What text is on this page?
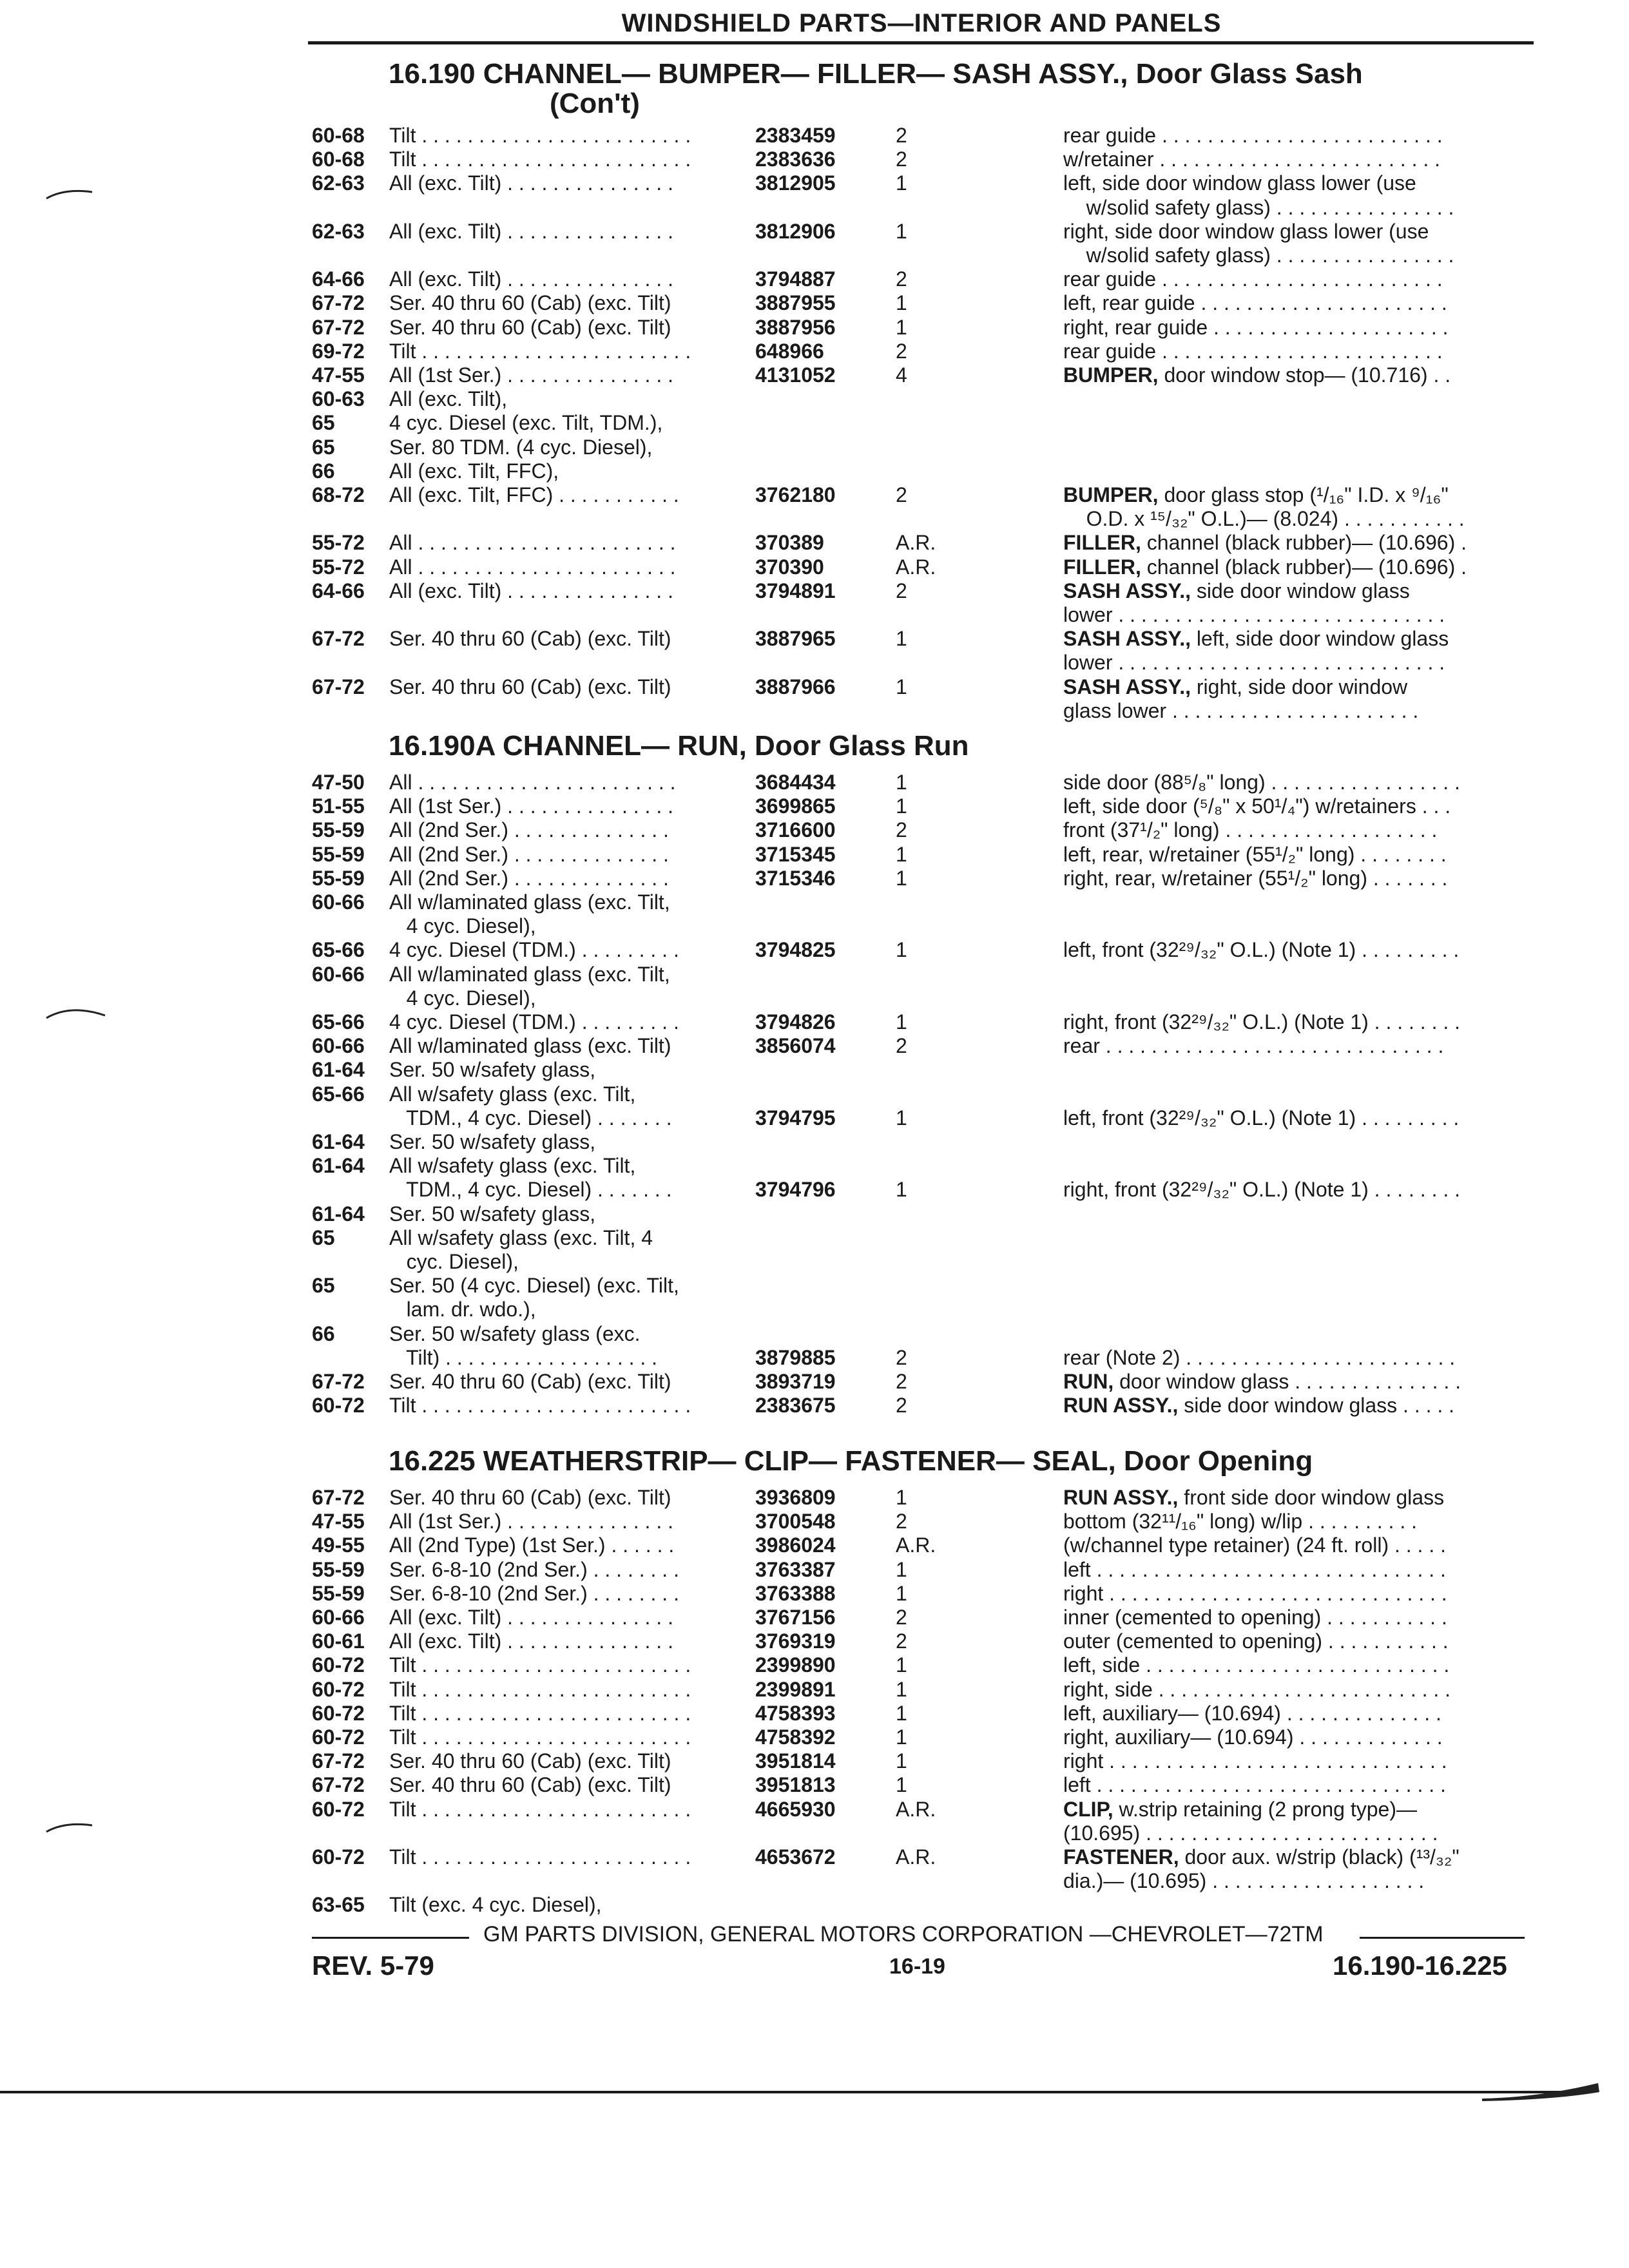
WINDSHIELD PARTS—INTERIOR AND PANELS
16.190 CHANNEL— BUMPER— FILLER— SASH ASSY., Door Glass Sash
(Con't)
16.190A CHANNEL— RUN, Door Glass Run
16.225 WEATHERSTRIP— CLIP— FASTENER— SEAL, Door Opening
60-68 Tilt . . . . . . . . . . . . . . . . . . . . . . . .	2383459	2	rear guide . . . . . . . . . . . . . . . . . . . . . . . . .
60-68 Tilt . . . . . . . . . . . . . . . . . . . . . . . .	2383636	2	w/retainer . . . . . . . . . . . . . . . . . . . . . . . . .
62-63 All (exc. Tilt) . . . . . . . . . . . . . . .	3812905	1	left, side door window glass lower (use
w/solid safety glass) . . . . . . . . . . . . . . . .
62-63 All (exc. Tilt) . . . . . . . . . . . . . . .	3812906	1	right, side door window glass lower (use
w/solid safety glass) . . . . . . . . . . . . . . . .
64-66 All (exc. Tilt) . . . . . . . . . . . . . . .	3794887	2	rear guide . . . . . . . . . . . . . . . . . . . . . . . . .
67-72 Ser. 40 thru 60 (Cab) (exc. Tilt)	3887955	1	left, rear guide . . . . . . . . . . . . . . . . . . . . . .
67-72 Ser. 40 thru 60 (Cab) (exc. Tilt)	3887956	1	right, rear guide . . . . . . . . . . . . . . . . . . . . .
69-72 Tilt . . . . . . . . . . . . . . . . . . . . . . . .	648966	2	rear guide . . . . . . . . . . . . . . . . . . . . . . . . .
47-55 All (1st Ser.) . . . . . . . . . . . . . . .	4131052	4	BUMPER, door window stop— (10.716) . .
60-63 All (exc. Tilt),
65	4 cyc. Diesel (exc. Tilt, TDM.),
65	Ser. 80 TDM. (4 cyc. Diesel),
66	All (exc. Tilt, FFC),
68-72 All (exc. Tilt, FFC) . . . . . . . . . . .	3762180	2	BUMPER, door glass stop (¹/₁₆" I.D. x ⁹/₁₆"
O.D. x ¹⁵/₃₂" O.L.)— (8.024) . . . . . . . . . . .
55-72 All . . . . . . . . . . . . . . . . . . . . . . .	370389	A.R.	FILLER, channel (black rubber)— (10.696) .
55-72 All . . . . . . . . . . . . . . . . . . . . . . .	370390	A.R.	FILLER, channel (black rubber)— (10.696) .
64-66 All (exc. Tilt) . . . . . . . . . . . . . . .	3794891	2	SASH ASSY., side door window glass
lower . . . . . . . . . . . . . . . . . . . . . . . . . . . . .
67-72 Ser. 40 thru 60 (Cab) (exc. Tilt)	3887965	1	SASH ASSY., left, side door window glass
lower . . . . . . . . . . . . . . . . . . . . . . . . . . . . .
67-72 Ser. 40 thru 60 (Cab) (exc. Tilt)	3887966	1	SASH ASSY., right, side door window
glass lower . . . . . . . . . . . . . . . . . . . . . .
47-50 All . . . . . . . . . . . . . . . . . . . . . . .	3684434	1	side door (88⁵/₈" long) . . . . . . . . . . . . . . . . .
51-55 All (1st Ser.) . . . . . . . . . . . . . . .	3699865	1	left, side door (⁵/₈" x 50¹/₄") w/retainers . . .
55-59 All (2nd Ser.) . . . . . . . . . . . . . .	3716600	2	front (37¹/₂" long) . . . . . . . . . . . . . . . . . . .
55-59 All (2nd Ser.) . . . . . . . . . . . . . .	3715345	1	left, rear, w/retainer (55¹/₂" long) . . . . . . . .
55-59 All (2nd Ser.) . . . . . . . . . . . . . .	3715346	1	right, rear, w/retainer (55¹/₂" long) . . . . . . .
60-66 All w/laminated glass (exc. Tilt,
4 cyc. Diesel),
65-66 4 cyc. Diesel (TDM.) . . . . . . . . .	3794825	1	left, front (32²⁹/₃₂" O.L.) (Note 1) . . . . . . . . .
60-66 All w/laminated glass (exc. Tilt,
4 cyc. Diesel),
65-66 4 cyc. Diesel (TDM.) . . . . . . . . .	3794826	1	right, front (32²⁹/₃₂" O.L.) (Note 1) . . . . . . . .
60-66 All w/laminated glass (exc. Tilt)	3856074	2	rear . . . . . . . . . . . . . . . . . . . . . . . . . . . . . .
61-64 Ser. 50 w/safety glass,
65-66 All w/safety glass (exc. Tilt,
TDM., 4 cyc. Diesel) . . . . . . .	3794795	1	left, front (32²⁹/₃₂" O.L.) (Note 1) . . . . . . . . .
61-64 Ser. 50 w/safety glass,
61-64 All w/safety glass (exc. Tilt,
TDM., 4 cyc. Diesel) . . . . . . .	3794796	1	right, front (32²⁹/₃₂" O.L.) (Note 1) . . . . . . . .
61-64 Ser. 50 w/safety glass,
65	All w/safety glass (exc. Tilt, 4
cyc. Diesel),
65	Ser. 50 (4 cyc. Diesel) (exc. Tilt,
lam. dr. wdo.),
66	Ser. 50 w/safety glass (exc.
Tilt) . . . . . . . . . . . . . . . . . . .	3879885	2	rear (Note 2) . . . . . . . . . . . . . . . . . . . . . . . .
67-72 Ser. 40 thru 60 (Cab) (exc. Tilt)	3893719	2	RUN, door window glass . . . . . . . . . . . . . . .
60-72 Tilt . . . . . . . . . . . . . . . . . . . . . . . .	2383675	2	RUN ASSY., side door window glass . . . . .
67-72 Ser. 40 thru 60 (Cab) (exc. Tilt)	3936809	1	RUN ASSY., front side door window glass
47-55 All (1st Ser.) . . . . . . . . . . . . . . .	3700548	2	bottom (32¹¹/₁₆" long) w/lip . . . . . . . . . .
49-55 All (2nd Type) (1st Ser.) . . . . . .	3986024	A.R.	(w/channel type retainer) (24 ft. roll) . . . . .
55-59 Ser. 6-8-10 (2nd Ser.) . . . . . . . .	3763387	1	left . . . . . . . . . . . . . . . . . . . . . . . . . . . . . . .
55-59 Ser. 6-8-10 (2nd Ser.) . . . . . . . .	3763388	1	right . . . . . . . . . . . . . . . . . . . . . . . . . . . . . .
60-66 All (exc. Tilt) . . . . . . . . . . . . . . .	3767156	2	inner (cemented to opening) . . . . . . . . . . .
60-61 All (exc. Tilt) . . . . . . . . . . . . . . .	3769319	2	outer (cemented to opening) . . . . . . . . . . .
60-72 Tilt . . . . . . . . . . . . . . . . . . . . . . . .	2399890	1	left, side . . . . . . . . . . . . . . . . . . . . . . . . . . .
60-72 Tilt . . . . . . . . . . . . . . . . . . . . . . . .	2399891	1	right, side . . . . . . . . . . . . . . . . . . . . . . . . . .
60-72 Tilt . . . . . . . . . . . . . . . . . . . . . . . .	4758393	1	left, auxiliary— (10.694) . . . . . . . . . . . . . .
60-72 Tilt . . . . . . . . . . . . . . . . . . . . . . . .	4758392	1	right, auxiliary— (10.694) . . . . . . . . . . . . .
67-72 Ser. 40 thru 60 (Cab) (exc. Tilt)	3951814	1	right . . . . . . . . . . . . . . . . . . . . . . . . . . . . . .
67-72 Ser. 40 thru 60 (Cab) (exc. Tilt)	3951813	1	left . . . . . . . . . . . . . . . . . . . . . . . . . . . . . . .
60-72 Tilt . . . . . . . . . . . . . . . . . . . . . . . .	4665930	A.R.	CLIP, w.strip retaining (2 prong type)—
(10.695) . . . . . . . . . . . . . . . . . . . . . . . . . .
60-72 Tilt . . . . . . . . . . . . . . . . . . . . . . . .	4653672	A.R.	FASTENER, door aux. w/strip (black) (¹³/₃₂"
dia.)— (10.695) . . . . . . . . . . . . . . . . . . .
63-65 Tilt (exc. 4 cyc. Diesel),
GM PARTS DIVISION, GENERAL MOTORS CORPORATION —CHEVROLET—72TM
REV. 5-79	16-19	16.190-16.225
